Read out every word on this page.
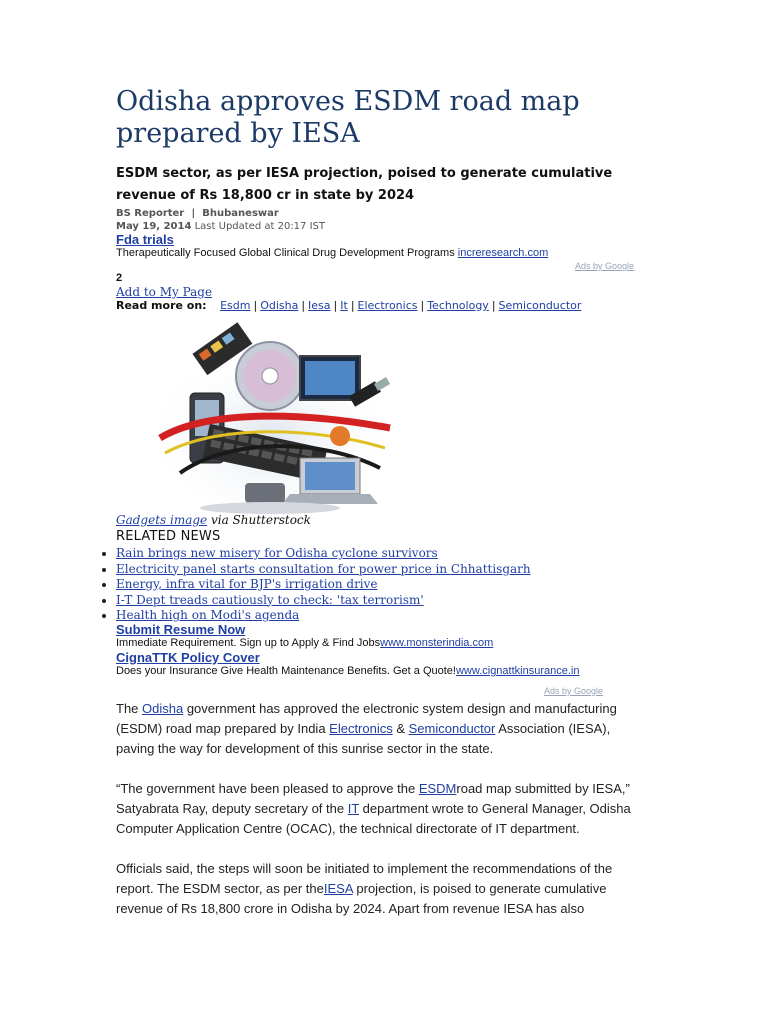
Odisha approves ESDM road map prepared by IESA

ESDM sector, as per IESA projection, poised to generate cumulative revenue of Rs 18,800 cr in state by 2024

BS Reporter | Bhubaneswar
May 19, 2014 Last Updated at 20:17 IST
Fda trials
Therapeutically Focused Global Clinical Drug Development Programs increresearch.com
Ads by Google
2
Add to My Page
Read more on: Esdm | Odisha | Iesa | It | Electronics | Technology | Semiconductor
Gadgets image via Shutterstock
RELATED NEWS
• Rain brings new misery for Odisha cyclone survivors
• Electricity panel starts consultation for power price in Chhattisgarh
• Energy, infra vital for BJP's irrigation drive
• I-T Dept treads cautiously to check: 'tax terrorism'
• Health high on Modi's agenda
Submit Resume Now
Immediate Requirement. Sign up to Apply & Find Jobswww.monsterindia.com
CignaTTK Policy Cover
Does your Insurance Give Health Maintenance Benefits. Get a Quote!www.cignattkinsurance.in
Ads by Google

The Odisha government has approved the electronic system design and manufacturing (ESDM) road map prepared by India Electronics & Semiconductor Association (IESA), paving the way for development of this sunrise sector in the state.

“The government have been pleased to approve the ESDMroad map submitted by IESA,” Satyabrata Ray, deputy secretary of the IT department wrote to General Manager, Odisha Computer Application Centre (OCAC), the technical directorate of IT department.

Officials said, the steps will soon be initiated to implement the recommendations of the report. The ESDM sector, as per theIESA projection, is poised to generate cumulative revenue of Rs 18,800 crore in Odisha by 2024. Apart from revenue IESA has also
